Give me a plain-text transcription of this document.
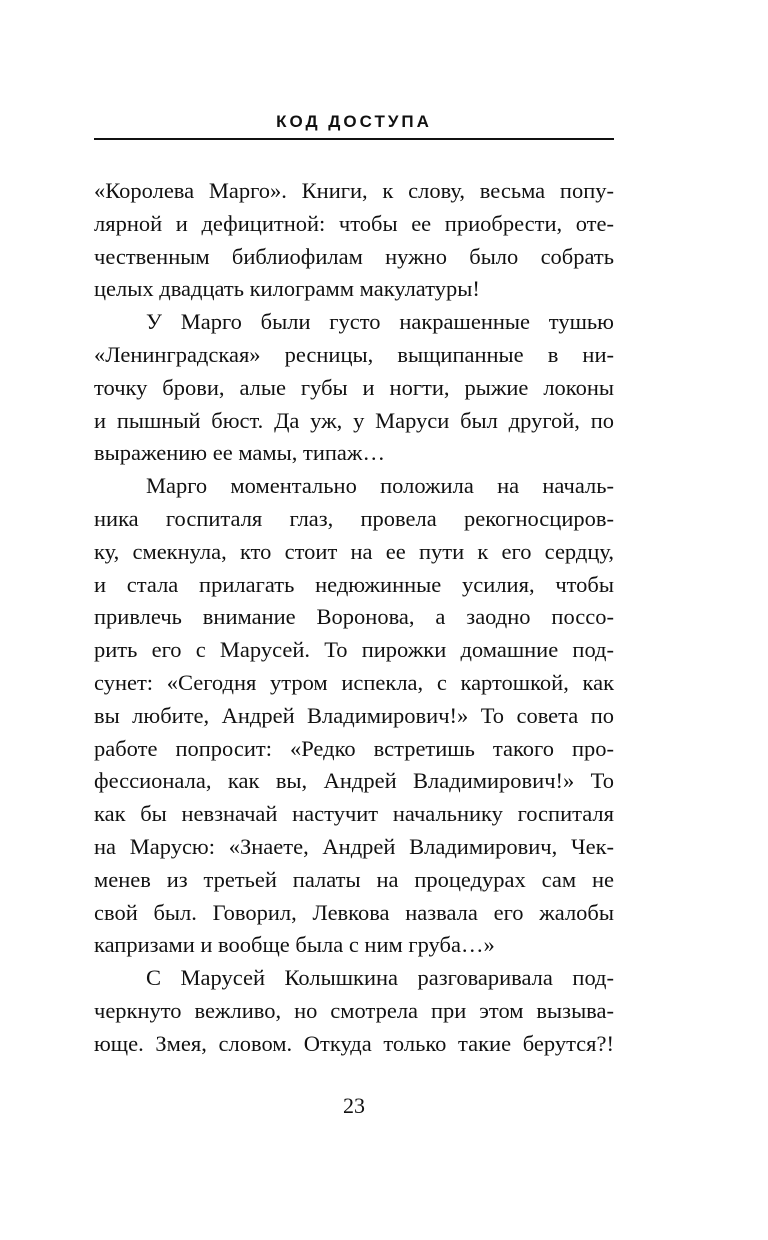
КОД ДОСТУПА
«Королева Марго». Книги, к слову, весьма попу-
лярной и дефицитной: чтобы ее приобрести, оте-
чественным библиофилам нужно было собрать
целых двадцать килограмм макулатуры!
У Марго были густо накрашенные тушью
«Ленинградская» ресницы, выщипанные в ни-
точку брови, алые губы и ногти, рыжие локоны
и пышный бюст. Да уж, у Маруси был другой, по
выражению ее мамы, типаж…
Марго моментально положила на началь-
ника госпиталя глаз, провела рекогносциров-
ку, смекнула, кто стоит на ее пути к его сердцу,
и стала прилагать недюжинные усилия, чтобы
привлечь внимание Воронова, а заодно поссо-
рить его с Марусей. То пирожки домашние под-
сунет: «Сегодня утром испекла, с картошкой, как
вы любите, Андрей Владимирович!» То совета по
работе попросит: «Редко встретишь такого про-
фессионала, как вы, Андрей Владимирович!» То
как бы невзначай настучит начальнику госпиталя
на Марусю: «Знаете, Андрей Владимирович, Чек-
менев из третьей палаты на процедурах сам не
свой был. Говорил, Левкова назвала его жалобы
капризами и вообще была с ним груба…»
С Марусей Колышкина разговаривала под-
черкнуто вежливо, но смотрела при этом вызыва-
юще. Змея, словом. Откуда только такие берутся?!
23
